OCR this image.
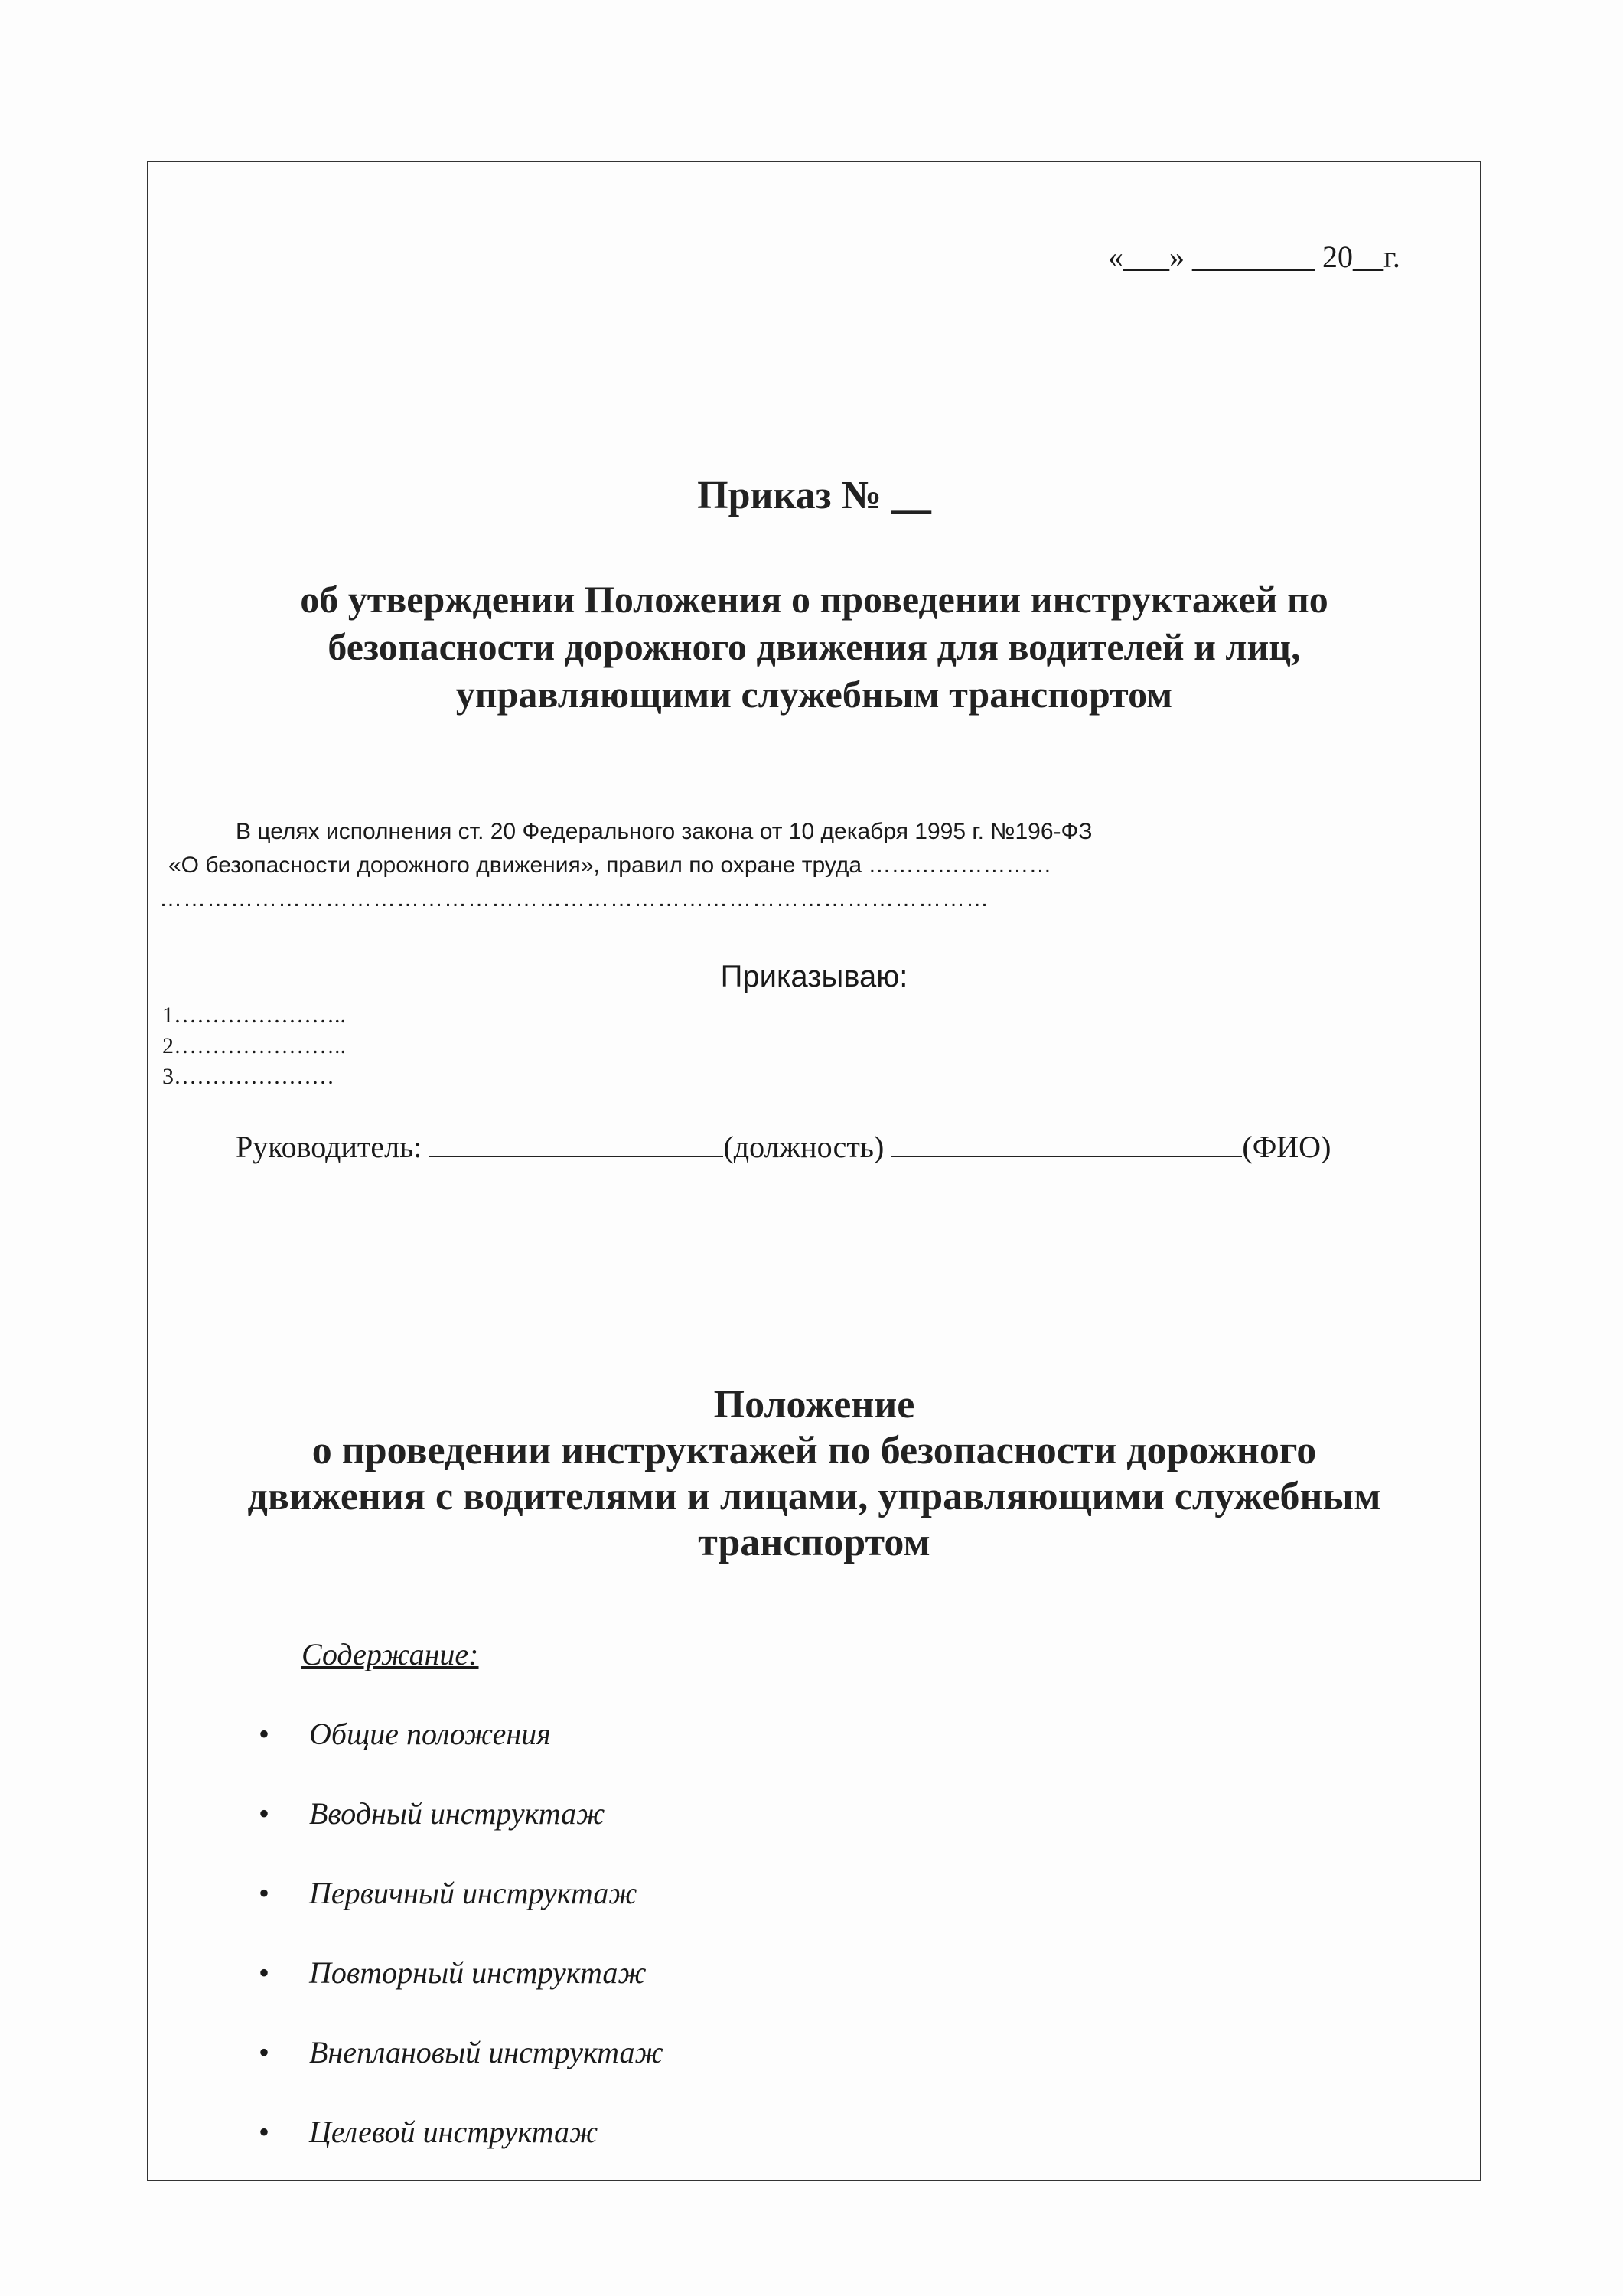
«___» ________ 20__г.
Приказ № __
об утверждении Положения о проведении инструктажей по
безопасности дорожного движения для водителей и лиц,
управляющими служебным транспортом
В целях исполнения ст. 20 Федерального закона от 10 декабря 1995 г. №196-ФЗ
«О безопасности дорожного движения», правил по охране труда ……………………
……………………………………………………………………………………………
Приказываю:
1…………………..
2…………………..
3…………………
Руководитель:	(должность)	(ФИО)
Положение
о проведении инструктажей по безопасности дорожного
движения с водителями и лицами, управляющими служебным
транспортом
Содержание:
• Общие положения
• Вводный инструктаж
• Первичный инструктаж
• Повторный инструктаж
• Внеплановый инструктаж
• Целевой инструктаж
